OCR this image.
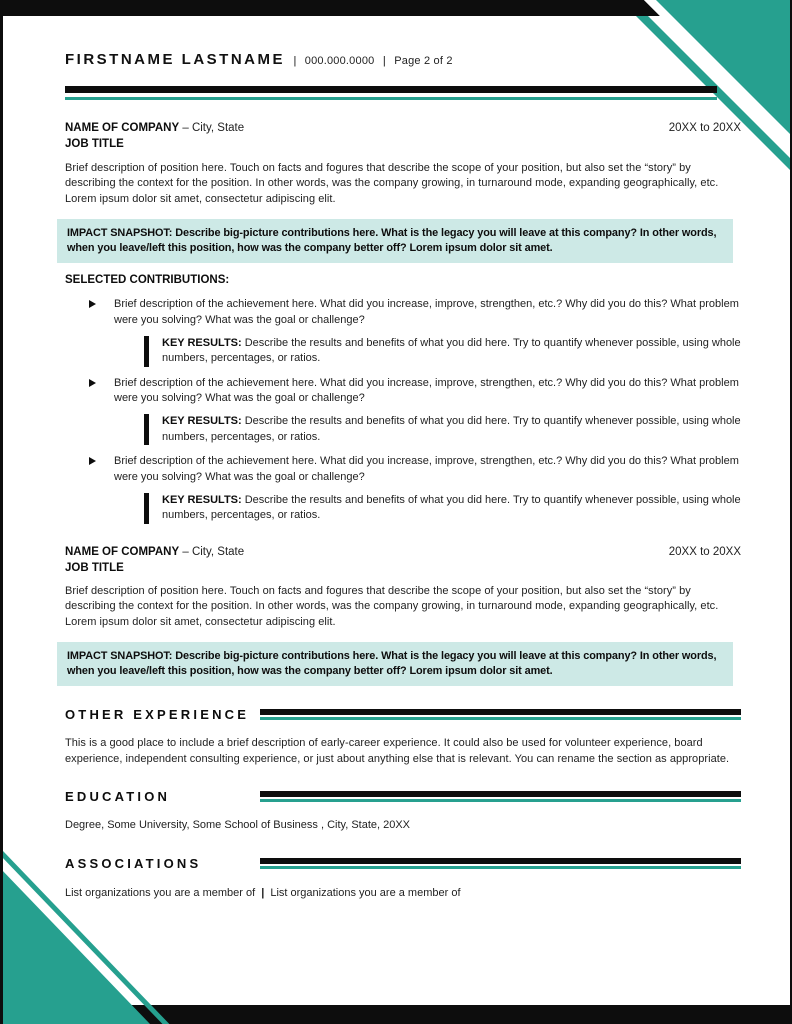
FIRSTNAME LASTNAME | 000.000.0000 | Page 2 of 2
NAME OF COMPANY – City, State	20XX to 20XX
JOB TITLE
Brief description of position here. Touch on facts and fogures that describe the scope of your position, but also set the “story” by describing the context for the position. In other words, was the company growing, in turnaround mode, expanding geographically, etc. Lorem ipsum dolor sit amet, consectetur adipiscing elit.
IMPACT SNAPSHOT: Describe big-picture contributions here. What is the legacy you will leave at this company? In other words, when you leave/left this position, how was the company better off? Lorem ipsum dolor sit amet.
SELECTED CONTRIBUTIONS:
Brief description of the achievement here. What did you increase, improve, strengthen, etc.? Why did you do this? What problem were you solving? What was the goal or challenge?
KEY RESULTS: Describe the results and benefits of what you did here. Try to quantify whenever possible, using whole numbers, percentages, or ratios.
Brief description of the achievement here. What did you increase, improve, strengthen, etc.? Why did you do this? What problem were you solving? What was the goal or challenge?
KEY RESULTS: Describe the results and benefits of what you did here. Try to quantify whenever possible, using whole numbers, percentages, or ratios.
Brief description of the achievement here. What did you increase, improve, strengthen, etc.? Why did you do this? What problem were you solving? What was the goal or challenge?
KEY RESULTS: Describe the results and benefits of what you did here. Try to quantify whenever possible, using whole numbers, percentages, or ratios.
NAME OF COMPANY – City, State	20XX to 20XX
JOB TITLE
Brief description of position here. Touch on facts and fogures that describe the scope of your position, but also set the “story” by describing the context for the position. In other words, was the company growing, in turnaround mode, expanding geographically, etc. Lorem ipsum dolor sit amet, consectetur adipiscing elit.
IMPACT SNAPSHOT: Describe big-picture contributions here. What is the legacy you will leave at this company? In other words, when you leave/left this position, how was the company better off? Lorem ipsum dolor sit amet.
OTHER EXPERIENCE
This is a good place to include a brief description of early-career experience. It could also be used for volunteer experience, board experience, independent consulting experience, or just about anything else that is relevant. You can rename the section as appropriate.
EDUCATION
Degree, Some University, Some School of Business , City, State, 20XX
ASSOCIATIONS
List organizations you are a member of | List organizations you are a member of
